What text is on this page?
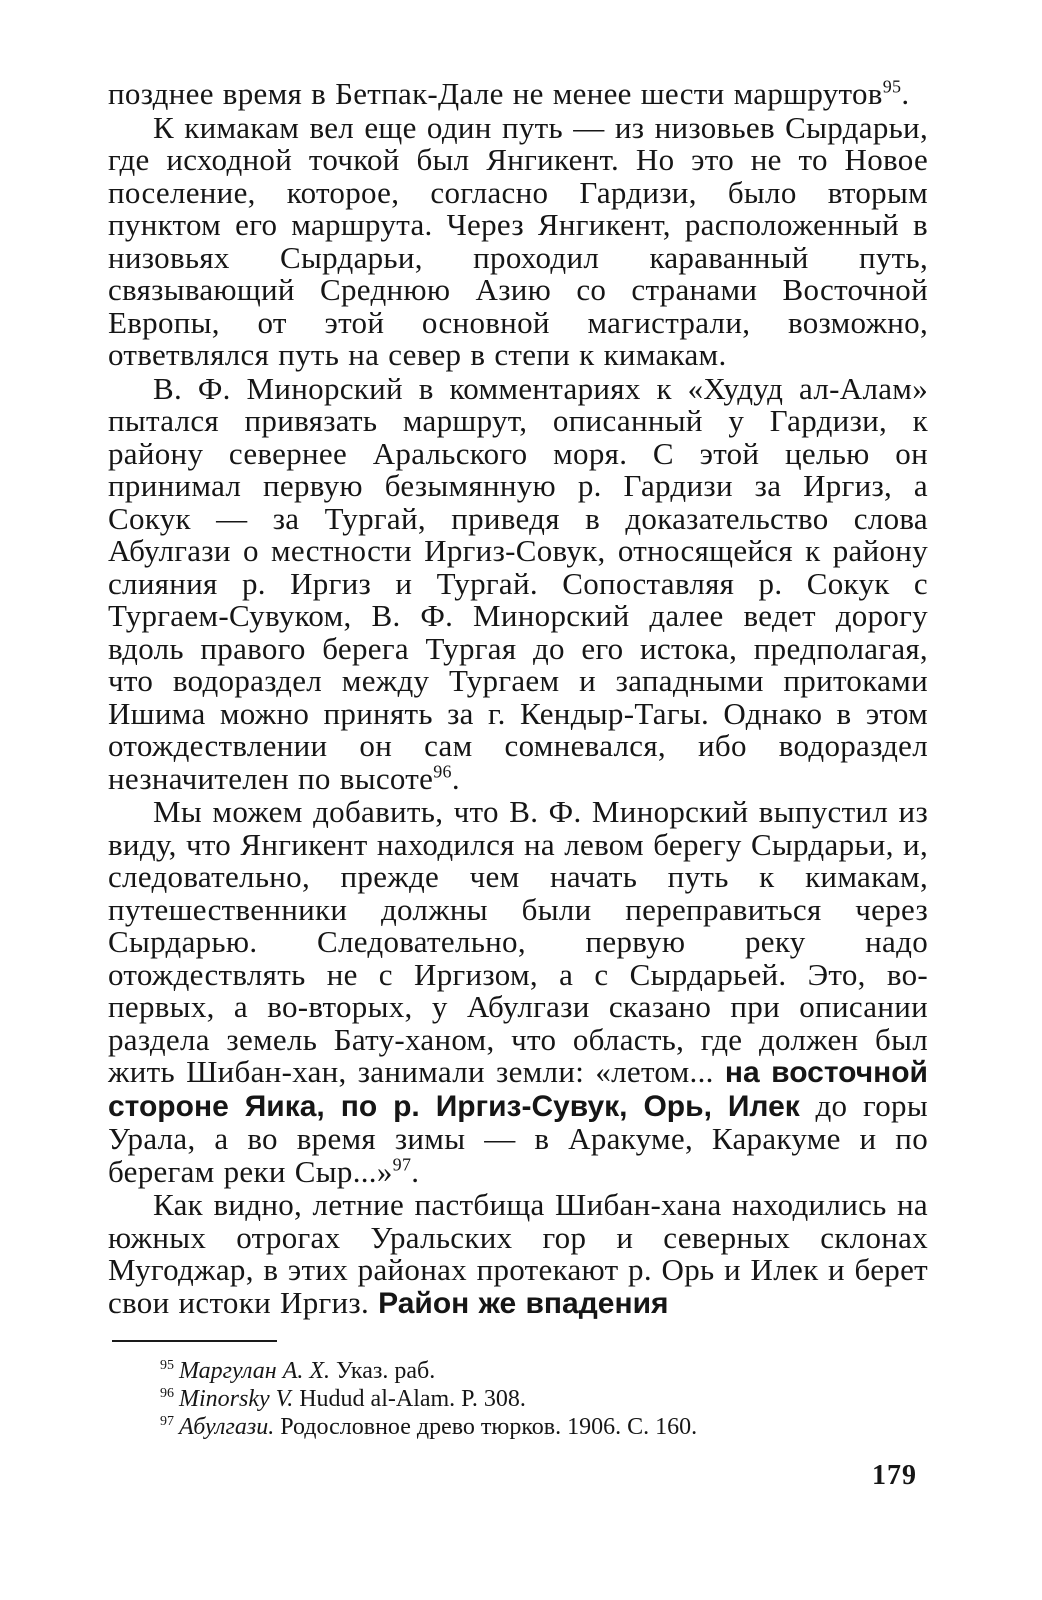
позднее время в Бетпак-Дале не менее шести маршрутов$^{95}$.

К кимакам вел еще один путь — из низовьев Сырдарьи, где исходной точкой был Янгикент. Но это не то Новое поселение, которое, согласно Гардизи, было вторым пунктом его маршрута. Через Янгикент, расположенный в низовьях Сырдарьи, проходил караванный путь, связывающий Среднюю Азию со странами Восточной Европы, от этой основной магистрали, возможно, ответвлялся путь на север в степи к кимакам.

В. Ф. Минорский в комментариях к «Худуд ал-Алам» пытался привязать маршрут, описанный у Гардизи, к району севернее Аральского моря. С этой целью он принимал первую безымянную р. Гардизи за Иргиз, а Сокук — за Тургай, приведя в доказательство слова Абулгази о местности Иргиз-Совук, относящейся к району слияния р. Иргиз и Тургай. Сопоставляя р. Сокук с Тургаем-Сувуком, В. Ф. Минорский далее ведет дорогу вдоль правого берега Тургая до его истока, предполагая, что водораздел между Тургаем и западными притоками Ишима можно принять за г. Кендыр-Тагы. Однако в этом отождествлении он сам сомневался, ибо водораздел незначителен по высоте$^{96}$.

Мы можем добавить, что В. Ф. Минорский выпустил из виду, что Янгикент находился на левом берегу Сырдарьи, и, следовательно, прежде чем начать путь к кимакам, путешественники должны были переправиться через Сырдарью. Следовательно, первую реку надо отождествлять не с Иргизом, а с Сырдарьей. Это, во-первых, а во-вторых, у Абулгази сказано при описании раздела земель Бату-ханом, что область, где должен был жить Шибан-хан, занимали земли: «летом... на восточной стороне Яика, по р. Иргиз-Сувук, Орь, Илек до горы Урала, а во время зимы — в Аракуме, Каракуме и по берегам реки Сыр...»$^{97}$.

Как видно, летние пастбища Шибан-хана находились на южных отрогах Уральских гор и северных склонах Мугоджар, в этих районах протекают р. Орь и Илек и берет свои истоки Иргиз. Район же впадения

$^{95}$ Маргулан А. Х. Указ. раб.

$^{96}$ Minorsky V. Hudud al-Alam. P. 308.

$^{97}$ Абулгази. Родословное древо тюрков. 1906. С. 160.

179
